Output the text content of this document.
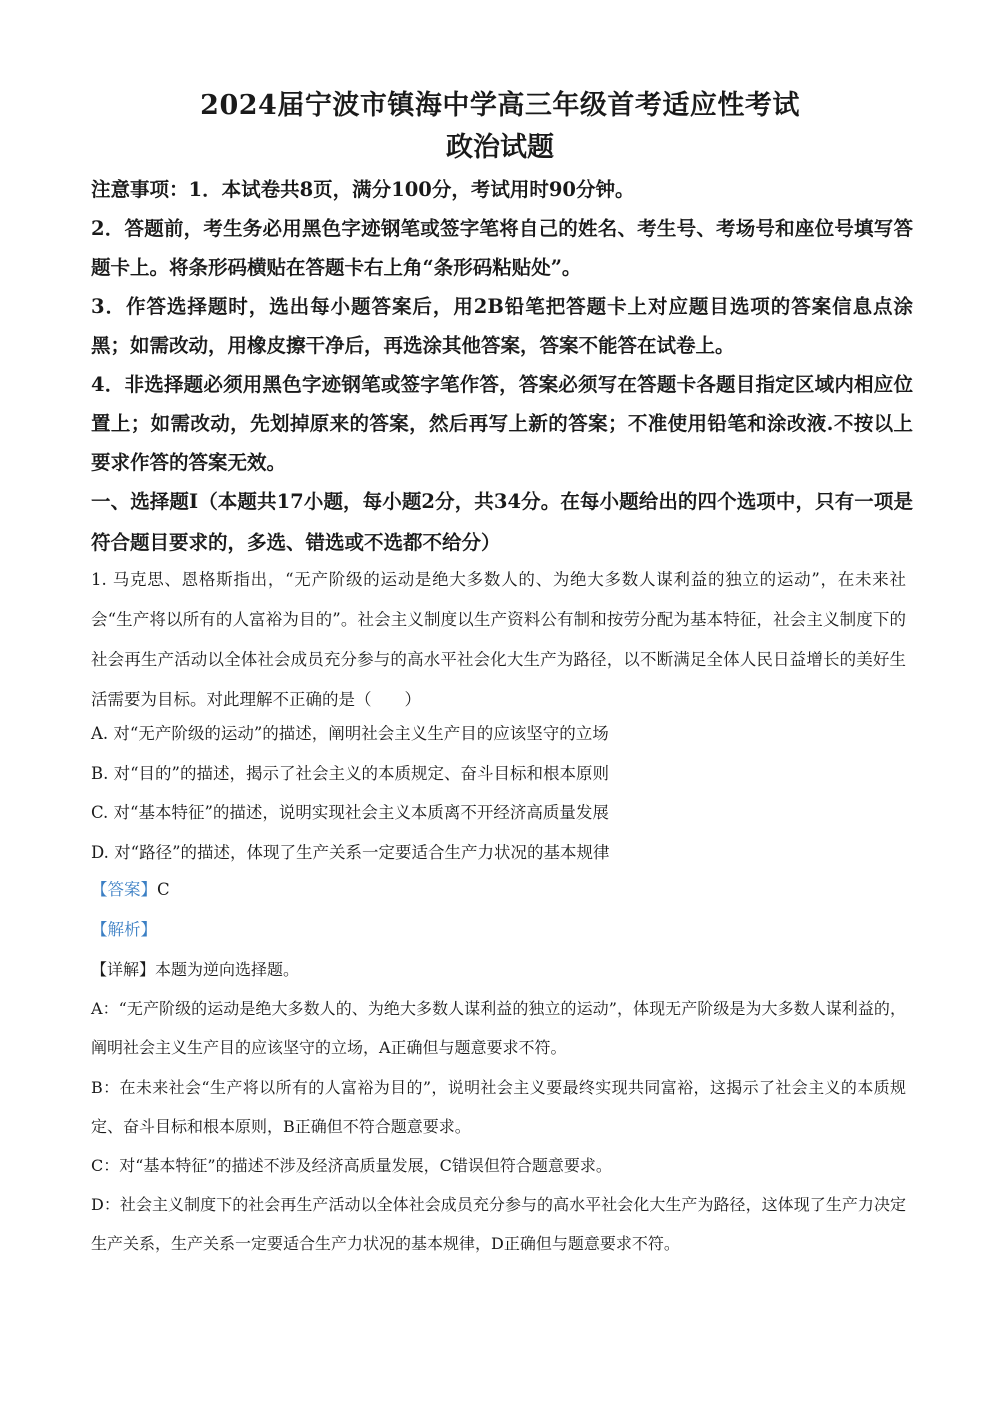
2024届宁波市镇海中学高三年级首考适应性考试
政治试题

注意事项：1．本试卷共8页，满分100分，考试用时90分钟。

2．答题前，考生务必用黑色字迹钢笔或签字笔将自己的姓名、考生号、考场号和座位号填写答题卡上。将条形码横贴在答题卡右上角“条形码粘贴处”。

3．作答选择题时，选出每小题答案后，用2B铅笔把答题卡上对应题目选项的答案信息点涂黑；如需改动，用橡皮擦干净后，再选涂其他答案，答案不能答在试卷上。

4．非选择题必须用黑色字迹钢笔或签字笔作答，答案必须写在答题卡各题目指定区域内相应位置上；如需改动，先划掉原来的答案，然后再写上新的答案；不准使用铅笔和涂改液.不按以上要求作答的答案无效。

一、选择题Ⅰ（本题共17小题，每小题2分，共34分。在每小题给出的四个选项中，只有一项是符合题目要求的，多选、错选或不选都不给分）

1. 马克思、恩格斯指出，“无产阶级的运动是绝大多数人的、为绝大多数人谋利益的独立的运动”，在未来社会“生产将以所有的人富裕为目的”。社会主义制度以生产资料公有制和按劳分配为基本特征，社会主义制度下的社会再生产活动以全体社会成员充分参与的高水平社会化大生产为路径，以不断满足全体人民日益增长的美好生活需要为目标。对此理解不正确的是（　　）

A. 对“无产阶级的运动”的描述，阐明社会主义生产目的应该坚守的立场
B. 对“目的”的描述，揭示了社会主义的本质规定、奋斗目标和根本原则
C. 对“基本特征”的描述，说明实现社会主义本质离不开经济高质量发展
D. 对“路径”的描述，体现了生产关系一定要适合生产力状况的基本规律
【答案】C
【解析】

【详解】本题为逆向选择题。

A：“无产阶级的运动是绝大多数人的、为绝大多数人谋利益的独立的运动”，体现无产阶级是为大多数人谋利益的，阐明社会主义生产目的应该坚守的立场，A正确但与题意要求不符。

B：在未来社会“生产将以所有的人富裕为目的”，说明社会主义要最终实现共同富裕，这揭示了社会主义的本质规定、奋斗目标和根本原则，B正确但不符合题意要求。

C：对“基本特征”的描述不涉及经济高质量发展，C错误但符合题意要求。

D：社会主义制度下的社会再生产活动以全体社会成员充分参与的高水平社会化大生产为路径，这体现了生产力决定生产关系，生产关系一定要适合生产力状况的基本规律，D正确但与题意要求不符。
